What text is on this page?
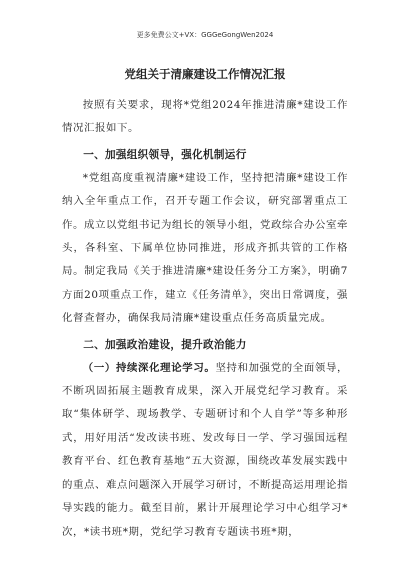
更多免费公文+VX：GGGeGongWen2024
党组关于清廉建设工作情况汇报

按照有关要求，现将*党组2024年推进清廉*建设工作情况汇报如下。

一、加强组织领导，强化机制运行

*党组高度重视清廉*建设工作，坚持把清廉*建设工作纳入全年重点工作，召开专题工作会议，研究部署重点工作。成立以党组书记为组长的领导小组，党政综合办公室牵头，各科室、下属单位协同推进，形成齐抓共管的工作格局。制定我局《关于推进清廉*建设任务分工方案》，明确7方面20项重点工作，建立《任务清单》，突出日常调度，强化督查督办，确保我局清廉*建设重点任务高质量完成。

二、加强政治建设，提升政治能力

（一）持续深化理论学习。坚持和加强党的全面领导，不断巩固拓展主题教育成果，深入开展党纪学习教育。采取“集体研学、现场教学、专题研讨和个人自学”等多种形式，用好用活“发改读书班、发改每日一学、学习强国远程教育平台、红色教育基地”五大资源，围绕改革发展实践中的重点、难点问题深入开展学习研讨，不断提高运用理论指导实践的能力。截至目前，累计开展理论学习中心组学习*次，*读书班*期，党纪学习教育专题读书班*期，
